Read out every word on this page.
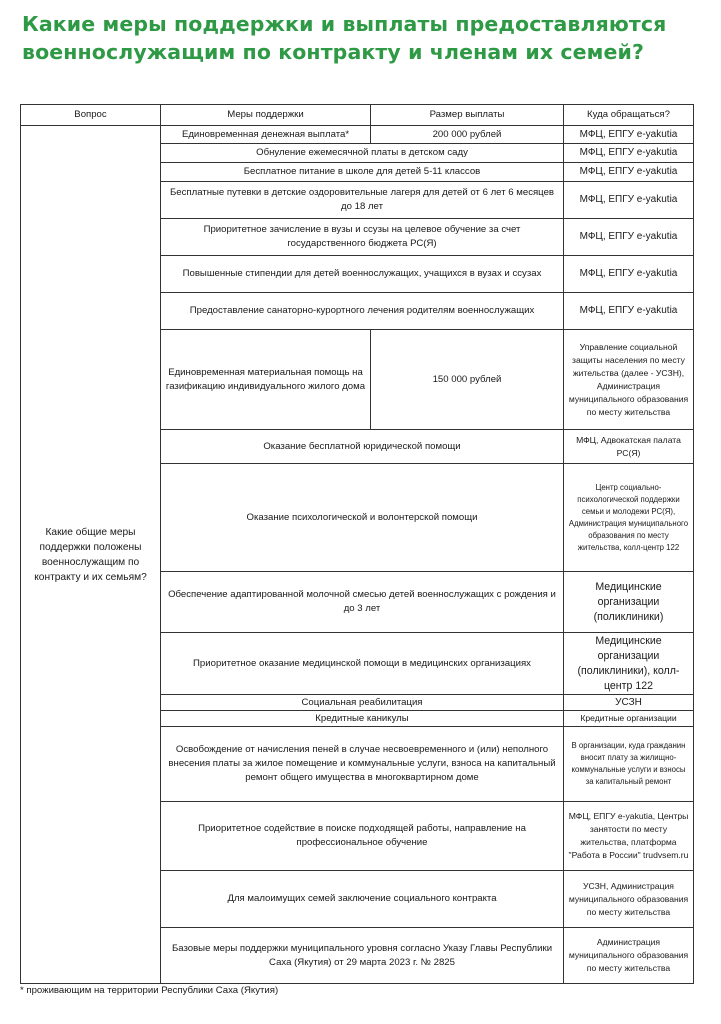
Какие меры поддержки и выплаты предоставляются военнослужащим по контракту и членам их семей?
Вопрос	Меры поддержки	Размер выплаты	Куда обращаться?
Какие общие меры поддержки положены военнослужащим по контракту и их семьям?	Единовременная денежная выплата*	200 000 рублей	МФЦ, ЕПГУ e-yakutia
	Обнуление ежемесячной платы в детском саду		МФЦ, ЕПГУ e-yakutia
	Бесплатное питание в школе для детей 5-11 классов		МФЦ, ЕПГУ e-yakutia
	Бесплатные путевки в детские оздоровительные лагеря для детей от 6 лет 6 месяцев до 18 лет		МФЦ, ЕПГУ e-yakutia
	Приоритетное зачисление в вузы и ссузы на целевое обучение за счет государственного бюджета РС(Я)		МФЦ, ЕПГУ e-yakutia
	Повышенные стипендии для детей военнослужащих, учащихся в вузах и ссузах		МФЦ, ЕПГУ e-yakutia
	Предоставление санаторно-курортного лечения родителям военнослужащих		МФЦ, ЕПГУ e-yakutia
	Единовременная материальная помощь на газификацию индивидуального жилого дома	150 000 рублей	Управление социальной защиты населения по месту жительства (далее - УСЗН), Администрация муниципального образования по месту жительства
	Оказание бесплатной юридической помощи		МФЦ, Адвокатская палата РС(Я)
	Оказание психологической и волонтерской помощи		Центр социально-психологической поддержки семьи и молодежи РС(Я), Администрация муниципального образования по месту жительства, колл-центр 122
	Обеспечение адаптированной молочной смесью детей военнослужащих с рождения и до 3 лет		Медицинские организации (поликлиники)
	Приоритетное оказание медицинской помощи в медицинских организациях		Медицинские организации (поликлиники), колл-центр 122
	Социальная реабилитация		УСЗН
	Кредитные каникулы		Кредитные организации
	Освобождение от начисления пеней в случае несвоевременного и (или) неполного внесения платы за жилое помещение и коммунальные услуги, взноса на капитальный ремонт общего имущества в многоквартирном доме		В организации, куда гражданин вносит плату за жилищно-коммунальные услуги и взносы за капитальный ремонт
	Приоритетное содействие в поиске подходящей работы, направление на профессиональное обучение		МФЦ, ЕПГУ e-yakutia, Центры занятости по месту жительства, платформа "Работа в России" trudvsem.ru
	Для малоимущих семей заключение социального контракта		УСЗН, Администрация муниципального образования по месту жительства
	Базовые меры поддержки муниципального уровня согласно Указу Главы Республики Саха (Якутия) от 29 марта 2023 г. № 2825		Администрация муниципального образования по месту жительства
* проживающим на территории Республики Саха (Якутия)
